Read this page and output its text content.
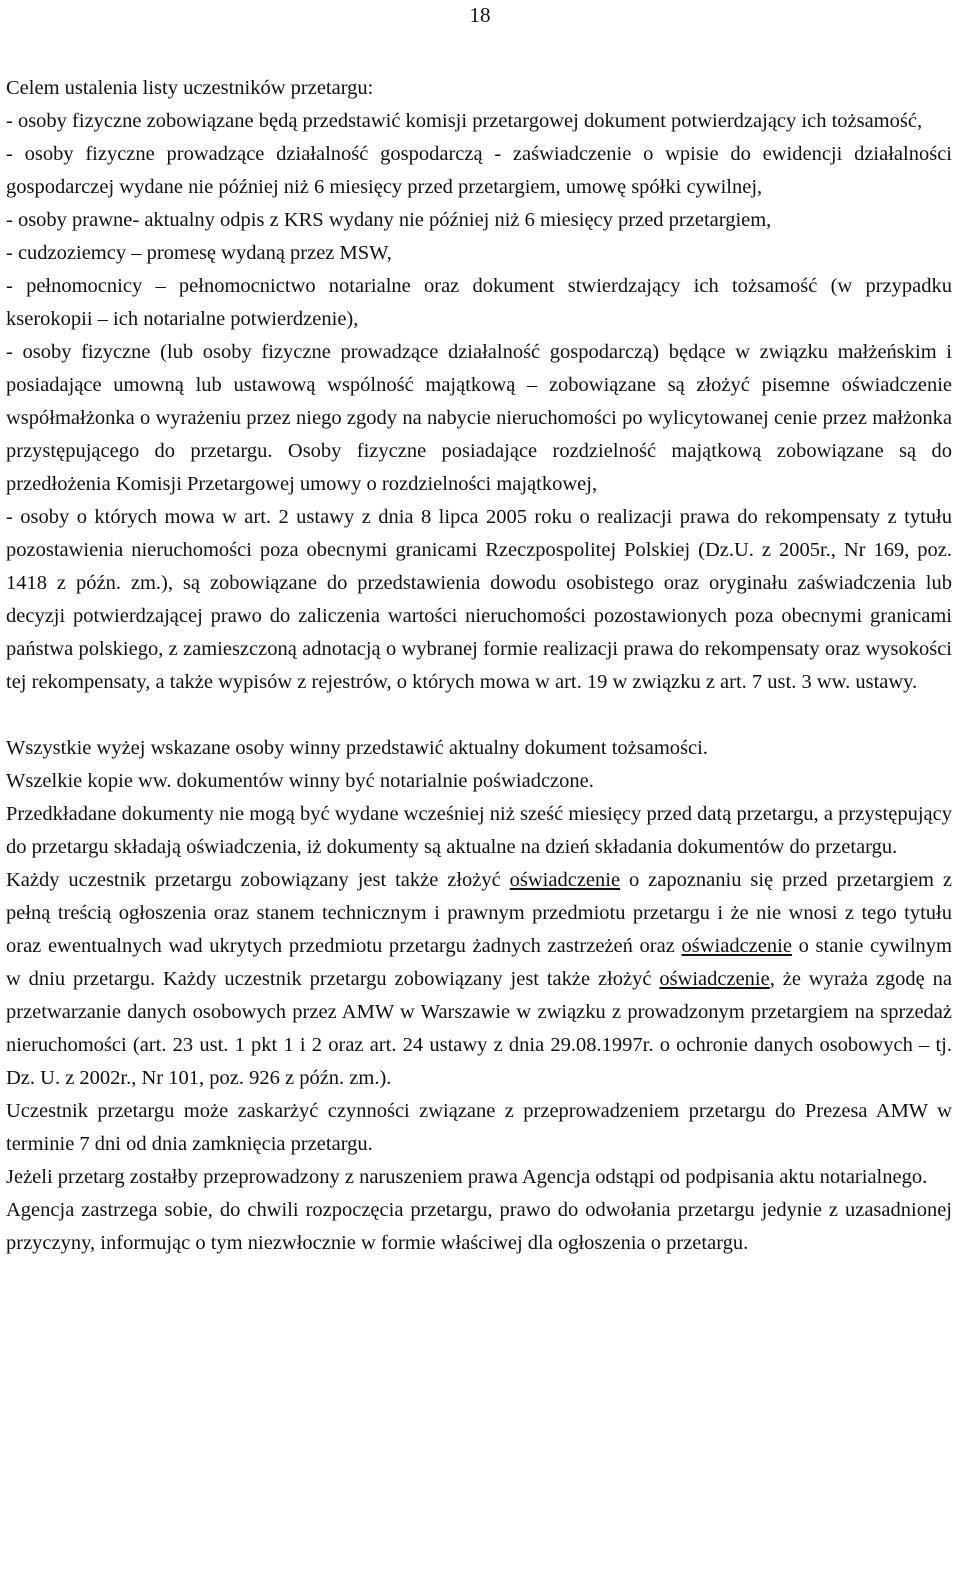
18

Celem ustalenia listy uczestników przetargu:

- osoby fizyczne zobowiązane będą przedstawić komisji przetargowej dokument potwierdzający ich tożsamość,

- osoby fizyczne prowadzące działalność gospodarczą - zaświadczenie o wpisie do ewidencji działalności gospodarczej wydane nie później niż 6 miesięcy przed przetargiem, umowę spółki cywilnej,

- osoby prawne- aktualny odpis z KRS wydany nie później niż 6 miesięcy przed przetargiem,

- cudzoziemcy – promesę wydaną przez MSW,

- pełnomocnicy – pełnomocnictwo notarialne oraz dokument stwierdzający ich tożsamość (w przypadku kserokopii – ich notarialne potwierdzenie),

- osoby fizyczne (lub osoby fizyczne prowadzące działalność gospodarczą) będące w związku małżeńskim i posiadające umowną lub ustawową wspólność majątkową – zobowiązane są złożyć pisemne oświadczenie współmałżonka o wyrażeniu przez niego zgody na nabycie nieruchomości po wylicytowanej cenie przez małżonka przystępującego do przetargu. Osoby fizyczne posiadające rozdzielność majątkową zobowiązane są do przedłożenia Komisji Przetargowej umowy o rozdzielności majątkowej,

- osoby o których mowa w art. 2 ustawy z dnia 8 lipca 2005 roku o realizacji prawa do rekompensaty z tytułu pozostawienia nieruchomości poza obecnymi granicami Rzeczpospolitej Polskiej (Dz.U. z 2005r., Nr 169, poz. 1418 z późn. zm.), są zobowiązane do przedstawienia dowodu osobistego oraz oryginału zaświadczenia lub decyzji potwierdzającej prawo do zaliczenia wartości nieruchomości pozostawionych poza obecnymi granicami państwa polskiego, z zamieszczoną adnotacją o wybranej formie realizacji prawa do rekompensaty oraz wysokości tej rekompensaty, a także wypisów z rejestrów, o których mowa w art. 19 w związku z art. 7 ust. 3 ww. ustawy.

Wszystkie wyżej wskazane osoby winny przedstawić aktualny dokument tożsamości.

Wszelkie kopie ww. dokumentów winny być notarialnie poświadczone.

Przedkładane dokumenty nie mogą być wydane wcześniej niż sześć miesięcy przed datą przetargu, a przystępujący do przetargu składają oświadczenia, iż dokumenty są aktualne na dzień składania dokumentów do przetargu.

Każdy uczestnik przetargu zobowiązany jest także złożyć oświadczenie o zapoznaniu się przed przetargiem z pełną treścią ogłoszenia oraz stanem technicznym i prawnym przedmiotu przetargu i że nie wnosi z tego tytułu oraz ewentualnych wad ukrytych przedmiotu przetargu żadnych zastrzeżeń oraz oświadczenie o stanie cywilnym w dniu przetargu. Każdy uczestnik przetargu zobowiązany jest także złożyć oświadczenie, że wyraża zgodę na przetwarzanie danych osobowych przez AMW w Warszawie w związku z prowadzonym przetargiem na sprzedaż nieruchomości (art. 23 ust. 1 pkt 1 i 2 oraz art. 24 ustawy z dnia 29.08.1997r. o ochronie danych osobowych – tj. Dz. U. z 2002r., Nr 101, poz. 926 z późn. zm.).

Uczestnik przetargu może zaskarżyć czynności związane z przeprowadzeniem przetargu do Prezesa AMW w terminie 7 dni od dnia zamknięcia przetargu.

Jeżeli przetarg zostałby przeprowadzony z naruszeniem prawa Agencja odstąpi od podpisania aktu notarialnego.

Agencja zastrzega sobie, do chwili rozpoczęcia przetargu, prawo do odwołania przetargu jedynie z uzasadnionej przyczyny, informując o tym niezwłocznie w formie właściwej dla ogłoszenia o przetargu.
